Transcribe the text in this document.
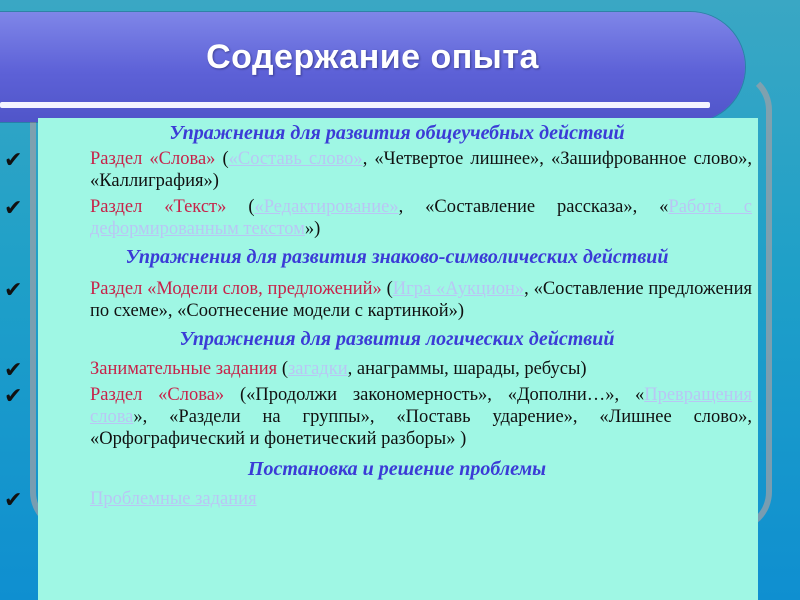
Содержание опыта
Упражнения для развития общеучебных действий
✔	Раздел «Слова» («Составь слово», «Четвертое лишнее», «Зашифрованное слово», «Каллиграфия»)
✔	Раздел «Текст» («Редактирование», «Составление рассказа», «Работа с деформированным текстом»)
Упражнения для развития знаково-символических действий
✔	Раздел «Модели слов, предложений» (Игра «Аукцион», «Составление предложения по схеме», «Соотнесение модели с картинкой»)
Упражнения для развития логических действий
✔	Занимательные задания (загадки, анаграммы, шарады, ребусы)
✔	Раздел «Слова» («Продолжи закономерность», «Дополни…», «Превращения слова», «Раздели на группы», «Поставь ударение», «Лишнее слово», «Орфографический и фонетический разборы» )
Постановка и решение проблемы
✔	Проблемные задания
